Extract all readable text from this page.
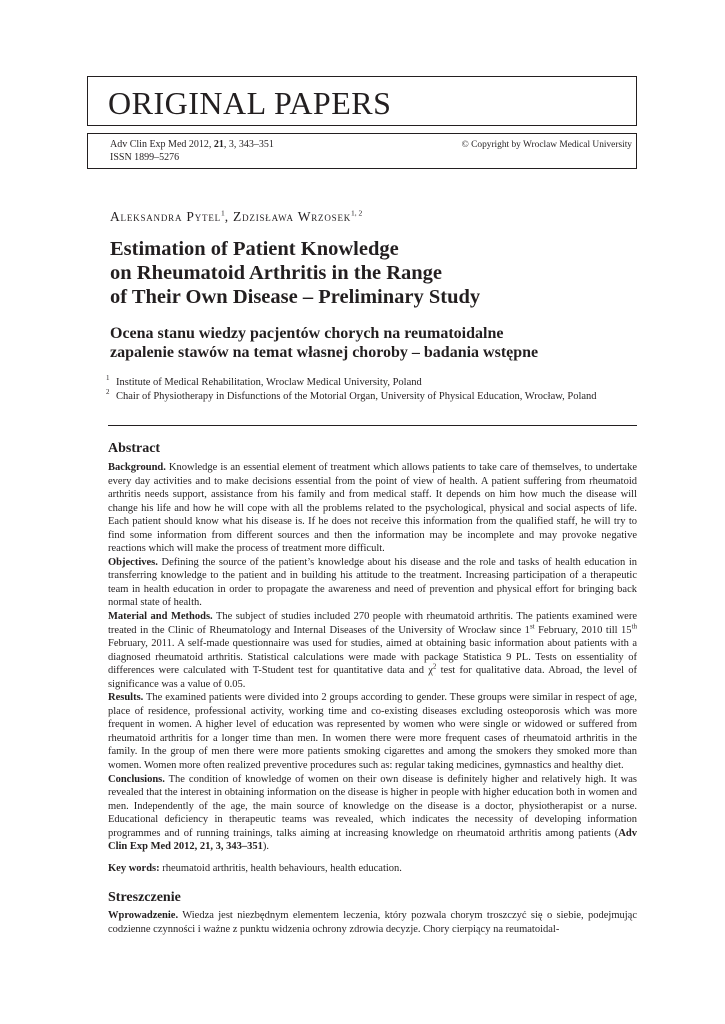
ORIGINAL PAPERS
Adv Clin Exp Med 2012, 21, 3, 343–351
ISSN 1899–5276
© Copyright by Wroclaw Medical University
Aleksandra Pytel$^1$, Zdzisława Wrzosek$^{1, 2}$
Estimation of Patient Knowledge
on Rheumatoid Arthritis in the Range
of Their Own Disease – Preliminary Study
Ocena stanu wiedzy pacjentów chorych na reumatoidalne
zapalenie stawów na temat własnej choroby – badania wstępne
1 Institute of Medical Rehabilitation, Wroclaw Medical University, Poland
2 Chair of Physiotherapy in Disfunctions of the Motorial Organ, University of Physical Education, Wrocław, Poland
Abstract

Background. Knowledge is an essential element of treatment which allows patients to take care of themselves, to undertake every day activities and to make decisions essential from the point of view of health. A patient suffering from rheumatoid arthritis needs support, assistance from his family and from medical staff. It depends on him how much the disease will change his life and how he will cope with all the problems related to the psychological, physical and social aspects of life. Each patient should know what his disease is. If he does not receive this information from the qualified staff, he will try to find some information from different sources and then the information may be incomplete and may provoke negative reactions which will make the process of treatment more difficult.

Objectives. Defining the source of the patient’s knowledge about his disease and the role and tasks of health education in transferring knowledge to the patient and in building his attitude to the treatment. Increasing participation of a therapeutic team in health education in order to propagate the awareness and need of prevention and physical effort for bringing back normal state of health.

Material and Methods. The subject of studies included 270 people with rheumatoid arthritis. The patients examined were treated in the Clinic of Rheumatology and Internal Diseases of the University of Wrocław since 1st February, 2010 till 15th February, 2011. A self-made questionnaire was used for studies, aimed at obtaining basic information about patients with a diagnosed rheumatoid arthritis. Statistical calculations were made with package Statistica 9 PL. Tests on essentiality of differences were calculated with T-Student test for quantitative data and $\chi^2$ test for qualitative data. Abroad, the level of significance was a value of 0.05.

Results. The examined patients were divided into 2 groups according to gender. These groups were similar in respect of age, place of residence, professional activity, working time and co-existing diseases excluding osteoporosis which was more frequent in women. A higher level of education was represented by women who were single or widowed or suffered from rheumatoid arthritis for a longer time than men. In women there were more frequent cases of rheumatoid arthritis in the family. In the group of men there were more patients smoking cigarettes and among the smokers they smoked more than women. Women more often realized preventive procedures such as: regular taking medicines, gymnastics and healthy diet.

Conclusions. The condition of knowledge of women on their own disease is definitely higher and relatively high. It was revealed that the interest in obtaining information on the disease is higher in people with higher education both in women and men. Independently of the age, the main source of knowledge on the disease is a doctor, physiotherapist or a nurse. Educational deficiency in therapeutic teams was revealed, which indicates the necessity of developing information programmes and of running trainings, talks aiming at increasing knowledge on rheumatoid arthritis among patients (Adv Clin Exp Med 2012, 21, 3, 343–351).

Key words: rheumatoid arthritis, health behaviours, health education.
Streszczenie

Wprowadzenie. Wiedza jest niezbędnym elementem leczenia, który pozwala chorym troszczyć się o siebie, podejmując codzienne czynności i ważne z punktu widzenia ochrony zdrowia decyzje. Chory cierpiący na reumatoidal-
